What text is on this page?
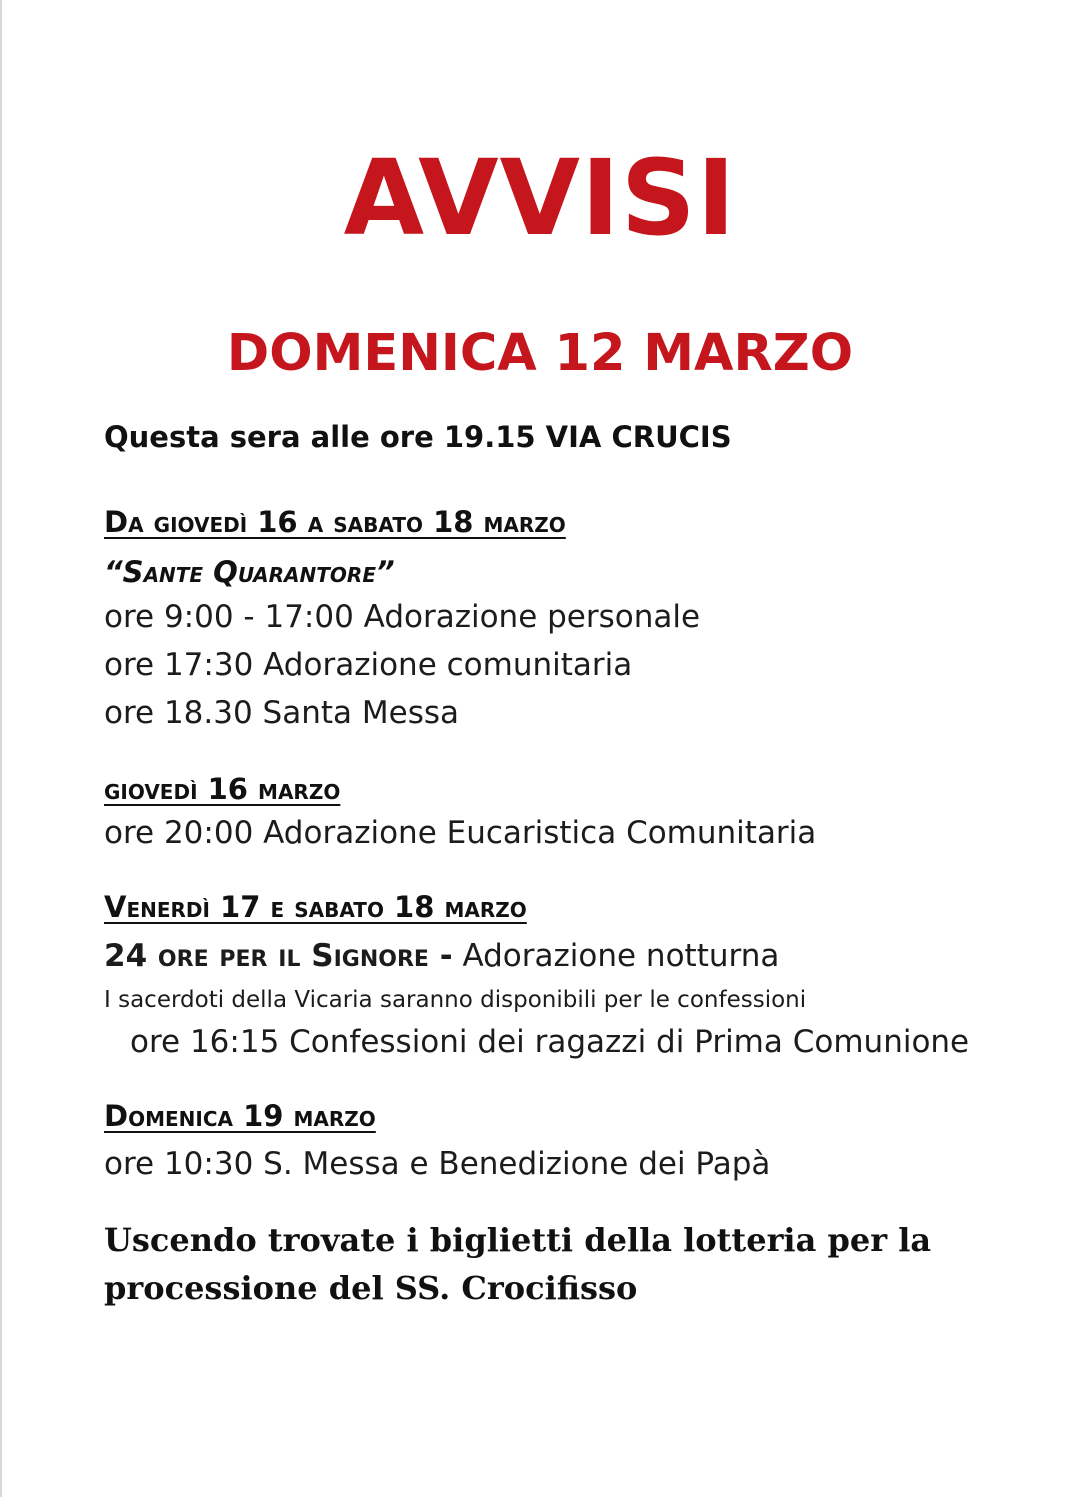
AVVISI
DOMENICA 12 MARZO
Questa sera alle ore 19.15 VIA CRUCIS
Da giovedì 16 a sabato 18 marzo
“Sante Quarantore”
ore 9:00 - 17:00 Adorazione personale
ore 17:30 Adorazione comunitaria
ore 18.30 Santa Messa
giovedì 16 marzo
ore 20:00 Adorazione Eucaristica Comunitaria
Venerdì 17 e sabato 18 marzo
24 ore per il Signore - Adorazione notturna
I sacerdoti della Vicaria saranno disponibili per le confessioni
ore 16:15 Confessioni dei ragazzi di Prima Comunione
Domenica 19 marzo
ore 10:30 S. Messa e Benedizione dei Papà
Uscendo trovate i biglietti della lotteria per la
processione del SS. Crocifisso
